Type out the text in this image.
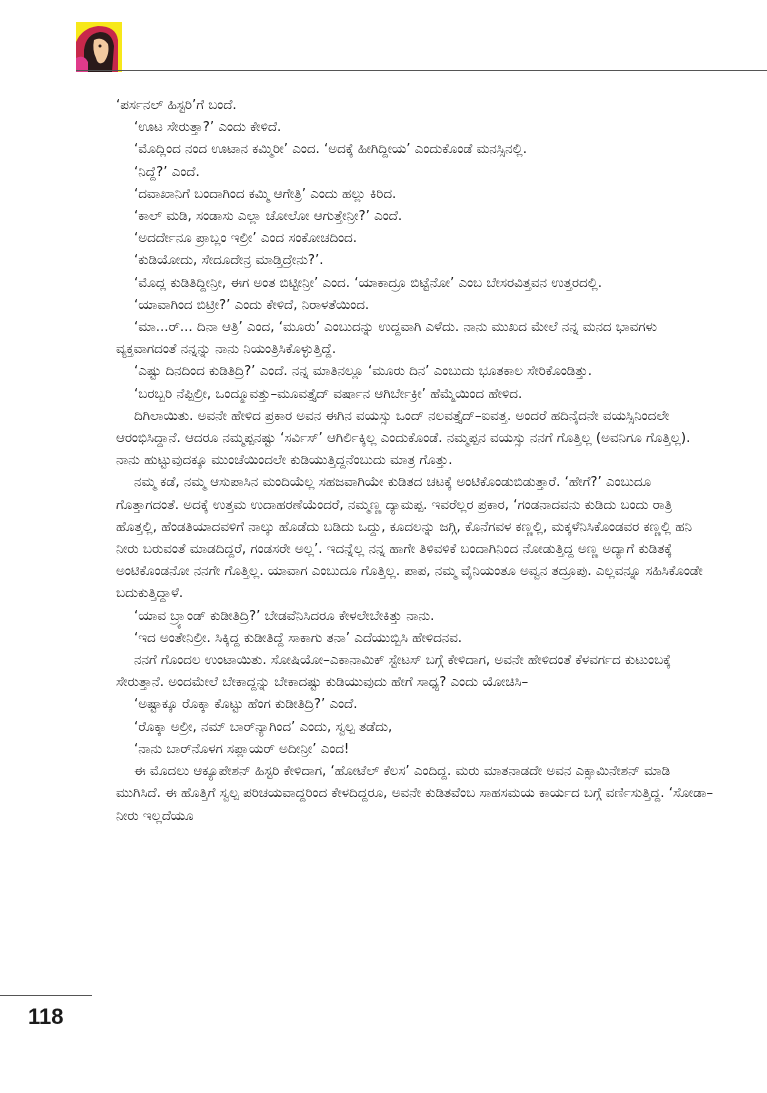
‘ಪರ್ಸನಲ್ ಹಿಸ್ಟರಿ’ಗೆ ಬಂದೆ.

‘ಊಟ ಸೇರುತ್ತಾ?’ ಎಂದು ಕೇಳಿದೆ.

‘ಮೊದ್ಲಿಂದ ನಂದ ಊಟಾನ ಕಮ್ಮಿರೀ’ ಎಂದ. ‘ಅದಕ್ಕೆ ಹೀಗಿದ್ದೀಯ’ ಎಂದುಕೊಂಡೆ ಮನಸ್ಸಿನಲ್ಲಿ.

‘ನಿದ್ದೆ?’ ಎಂದೆ.

‘ದವಾಖಾನಿಗೆ ಬಂದಾಗಿಂದ ಕಮ್ಮಿ ಆಗೇತ್ರಿ’ ಎಂದು ಹಲ್ಲು ಕಿರಿದ.

‘ಕಾಲ್ ಮಡಿ, ಸಂಡಾಸು ಎಲ್ಲಾ ಚೋಲೋ ಆಗುತ್ತೇನ್ರೀ?’ ಎಂದೆ.

‘ಅದರ್ದೇನೂ ಪ್ರಾಬ್ಲಂ ಇಲ್ರೀ’ ಎಂದ ಸಂಕೋಚದಿಂದ.

‘ಕುಡಿಯೋದು, ಸೇದೂದೇನ್ರ ಮಾಡ್ತಿದ್ರೇನು?’.

‘ಮೊದ್ಲ ಕುಡಿತಿದ್ದೀನ್ರೀ, ಈಗ ಅಂತ ಬಿಟ್ಟೀನ್ರೀ’ ಎಂದ. ‘ಯಾಕಾದ್ರೂ ಬಿಟ್ಟೆನೋ’ ಎಂಬ ಬೇಸರವಿತ್ತವನ ಉತ್ತರದಲ್ಲಿ.

‘ಯಾವಾಗಿಂದ ಬಿಟ್ರೀ?’ ಎಂದು ಕೇಳಿದೆ, ನಿರಾಳತೆಯಿಂದ.

‘ಮಾ...ರ್... ದಿನಾ ಆತ್ರಿ’ ಎಂದ, ‘ಮೂರು’ ಎಂಬುದನ್ನು ಉದ್ದವಾಗಿ ಎಳೆದು. ನಾನು ಮುಖದ ಮೇಲೆ ನನ್ನ ಮನದ ಭಾವಗಳು ವ್ಯಕ್ತವಾಗದಂತೆ ನನ್ನನ್ನು ನಾನು ನಿಯಂತ್ರಿಸಿಕೊಳ್ಳುತ್ತಿದ್ದೆ.

‘ಎಷ್ಟು ದಿನದಿಂದ ಕುಡಿತಿದ್ರಿ?’ ಎಂದೆ. ನನ್ನ ಮಾತಿನಲ್ಲೂ ‘ಮೂರು ದಿನ’ ಎಂಬುದು ಭೂತಕಾಲ ಸೇರಿಕೊಂಡಿತ್ತು.

‘ಬರಬ್ಬರಿ ನೆಪ್ಪಿಲ್ರೀ, ಒಂದ್ಮೂವತ್ತು–ಮೂವತ್ತೈದ್ ವರ್ಷಾನ ಆಗಿರ್ಬೇಕ್ರೀ’ ಹೆಮ್ಮೆಯಿಂದ ಹೇಳಿದ.

ದಿಗಿಲಾಯಿತು. ಅವನೇ ಹೇಳಿದ ಪ್ರಕಾರ ಅವನ ಈಗಿನ ವಯಸ್ಸು ಒಂದ್ ನಲವತ್ತೈದ್–ಐವತ್ತ. ಅಂದರೆ ಹದಿನೈದನೇ ವಯಸ್ಸಿನಿಂದಲೇ ಆರಂಭಿಸಿದ್ದಾನೆ. ಆದರೂ ನಮ್ಮಪ್ಪನಷ್ಟು ‘ಸರ್ವಿಸ್’ ಆಗಿರ್ಲಿಕ್ಕಿಲ್ಲ ಎಂದುಕೊಂಡೆ. ನಮ್ಮಪ್ಪನ ವಯಸ್ಸು ನನಗೆ ಗೊತ್ತಿಲ್ಲ (ಅವನಿಗೂ ಗೊತ್ತಿಲ್ಲ). ನಾನು ಹುಟ್ಟುವುದಕ್ಕೂ ಮುಂಚೆಯಿಂದಲೇ ಕುಡಿಯುತ್ತಿದ್ದನೆಂಬುದು ಮಾತ್ರ ಗೊತ್ತು.

ನಮ್ಮ ಕಡೆ, ನಮ್ಮ ಆಸುಪಾಸಿನ ಮಂದಿಯೆಲ್ಲ ಸಹಜವಾಗಿಯೇ ಕುಡಿತದ ಚಟಕ್ಕೆ ಅಂಟಿಕೊಂಡುಬಿಡುತ್ತಾರೆ. ‘ಹೇಗೆ?’ ಎಂಬುದೂ ಗೊತ್ತಾಗದಂತೆ. ಅದಕ್ಕೆ ಉತ್ತಮ ಉದಾಹರಣೆಯೆಂದರೆ, ನಮ್ಮಣ್ಣ ದ್ಯಾಮಪ್ಪ. ಇವರೆಲ್ಲರ ಪ್ರಕಾರ, ‘ಗಂಡನಾದವನು ಕುಡಿದು ಬಂದು ರಾತ್ರಿ ಹೊತ್ತಲ್ಲಿ, ಹೆಂಡತಿಯಾದವಳಿಗೆ ನಾಲ್ಕು ಹೊಡೆದು ಬಡಿದು ಒದ್ದು, ಕೂದಲನ್ನು ಜಗ್ಗಿ, ಕೊನೆಗವಳ ಕಣ್ಣಲ್ಲಿ, ಮಕ್ಕಳೆನಿಸಿಕೊಂಡವರ ಕಣ್ಣಲ್ಲಿ ಹನಿ ನೀರು ಬರುವಂತೆ ಮಾಡದಿದ್ದರೆ, ಗಂಡಸರೇ ಅಲ್ಲ’. ಇದನ್ನೆಲ್ಲ ನನ್ನ ಹಾಗೇ ತಿಳಿವಳಿಕೆ ಬಂದಾಗಿನಿಂದ ನೋಡುತ್ತಿದ್ದ ಅಣ್ಣ ಅದ್ಯಾಗೆ ಕುಡಿತಕ್ಕೆ ಅಂಟಿಕೊಂಡನೋ ನನಗೇ ಗೊತ್ತಿಲ್ಲ. ಯಾವಾಗ ಎಂಬುದೂ ಗೊತ್ತಿಲ್ಲ. ಪಾಪ, ನಮ್ಮ ವೈನಿಯಂತೂ ಅವ್ವನ ತದ್ರೂಪು. ಎಲ್ಲವನ್ನೂ ಸಹಿಸಿಕೊಂಡೇ ಬದುಕುತ್ತಿದ್ದಾಳೆ.

‘ಯಾವ ಬ್ರ್ಯಾಂಡ್ ಕುಡೀತಿದ್ರಿ?’ ಬೇಡವೆನಿಸಿದರೂ ಕೇಳಲೇಬೇಕಿತ್ತು ನಾನು.

‘ಇದ ಅಂತೇನಿಲ್ರೀ. ಸಿಕ್ಕಿದ್ದ ಕುಡೀತಿದ್ದೆ ಸಾಕಾಗು ತನಾ’ ಎದೆಯುಬ್ಬಿಸಿ ಹೇಳಿದನವ.

ನನಗೆ ಗೊಂದಲ ಉಂಟಾಯಿತು. ಸೋಷಿಯೋ–ಎಕಾನಾಮಿಕ್ ಸ್ಟೇಟಸ್ ಬಗ್ಗೆ ಕೇಳಿದಾಗ, ಅವನೇ ಹೇಳಿದಂತೆ ಕೆಳವರ್ಗದ ಕುಟುಂಬಕ್ಕೆ ಸೇರುತ್ತಾನೆ. ಅಂದಮೇಲೆ ಬೇಕಾದ್ದನ್ನು ಬೇಕಾದಷ್ಟು ಕುಡಿಯುವುದು ಹೇಗೆ ಸಾಧ್ಯ? ಎಂದು ಯೋಚಿಸಿ–

‘ಅಷ್ಟಾಕ್ಕೂ ರೊಕ್ಕಾ ಕೊಟ್ಟು ಹೆಂಗ ಕುಡೀತಿದ್ರಿ?’ ಎಂದೆ.

‘ರೊಕ್ಕಾ ಅಲ್ರೀ, ನಮ್ ಬಾರ್‌ನ್ಯಾಗಿಂದ’ ಎಂದು, ಸ್ವಲ್ಪ ತಡೆದು,

‘ನಾನು ಬಾರ್‌ನೊಳಗ ಸಪ್ಲಾಯರ್ ಅದೀನ್ರೀ’ ಎಂದ!

ಈ ಮೊದಲು ಆಕ್ಯೂಪೇಶನ್ ಹಿಸ್ಟರಿ ಕೇಳಿದಾಗ, ‘ಹೋಟೆಲ್ ಕೆಲಸ’ ಎಂದಿದ್ದ. ಮರು ಮಾತನಾಡದೇ ಅವನ ಎಕ್ಸಾಮಿನೇಶನ್ ಮಾಡಿ ಮುಗಿಸಿದೆ. ಈ ಹೊತ್ತಿಗೆ ಸ್ವಲ್ಪ ಪರಿಚಯವಾದ್ದರಿಂದ ಕೇಳದಿದ್ದರೂ, ಅವನೇ ಕುಡಿತವೆಂಬ ಸಾಹಸಮಯ ಕಾರ್ಯದ ಬಗ್ಗೆ ವರ್ಣಿಸುತ್ತಿದ್ದ. ‘ಸೋಡಾ–ನೀರು ಇಲ್ಲದೆಯೂ

118
